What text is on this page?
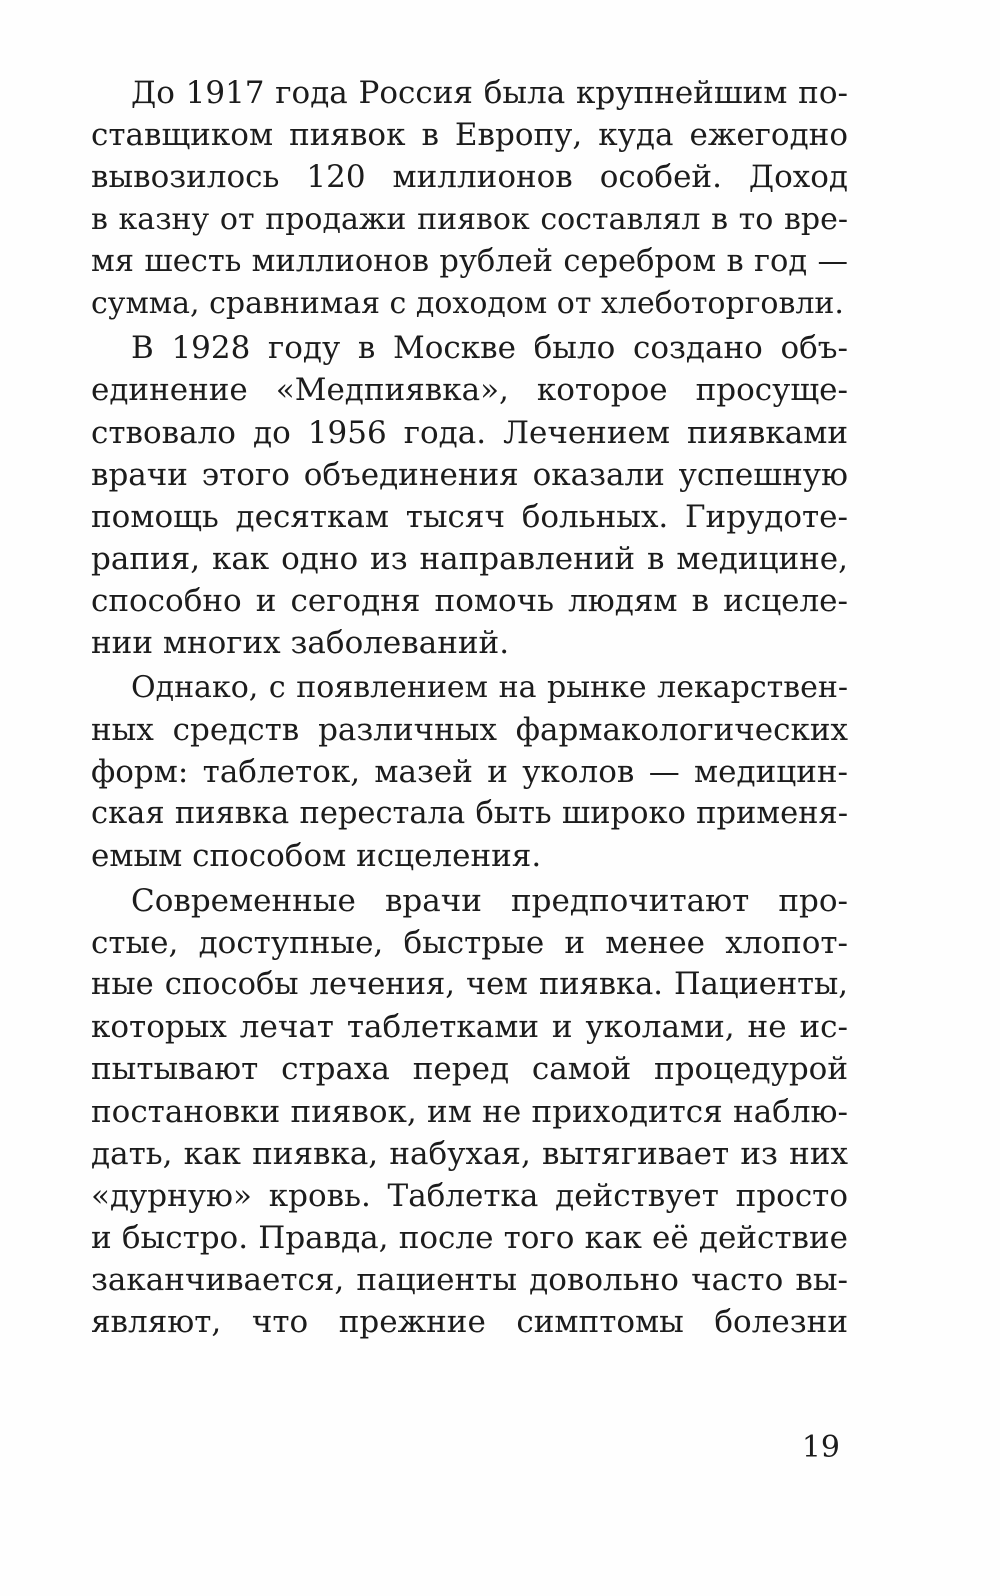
До 1917 года Россия была крупнейшим по-
ставщиком пиявок в Европу, куда ежегодно
вывозилось 120 миллионов особей. Доход
в казну от продажи пиявок составлял в то вре-
мя шесть миллионов рублей серебром в год —
сумма, сравнимая с доходом от хлеботорговли.
В 1928 году в Москве было создано объ-
единение «Медпиявка», которое просуще-
ствовало до 1956 года. Лечением пиявками
врачи этого объединения оказали успешную
помощь десяткам тысяч больных. Гирудоте-
рапия, как одно из направлений в медицине,
способно и сегодня помочь людям в исцеле-
нии многих заболеваний.
Однако, с появлением на рынке лекарствен-
ных средств различных фармакологических
форм: таблеток, мазей и уколов — медицин-
ская пиявка перестала быть широко применя-
емым способом исцеления.
Современные врачи предпочитают про-
стые, доступные, быстрые и менее хлопот-
ные способы лечения, чем пиявка. Пациенты,
которых лечат таблетками и уколами, не ис-
пытывают страха перед самой процедурой
постановки пиявок, им не приходится наблю-
дать, как пиявка, набухая, вытягивает из них
«дурную» кровь. Таблетка действует просто
и быстро. Правда, после того как её действие
заканчивается, пациенты довольно часто вы-
являют, что прежние симптомы болезни
19
